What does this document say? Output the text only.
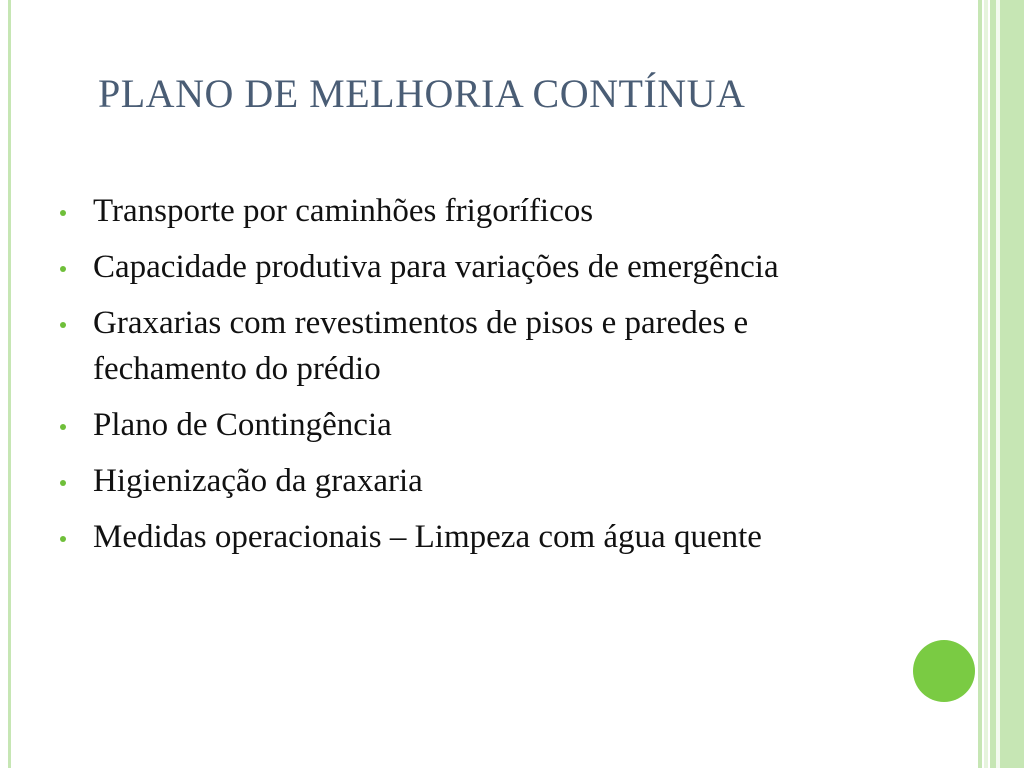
PLANO DE MELHORIA CONTÍNUA
Transporte por caminhões frigoríficos
Capacidade produtiva para variações de emergência
Graxarias com revestimentos de pisos e paredes e fechamento do prédio
Plano de Contingência
Higienização da graxaria
Medidas operacionais – Limpeza com água quente
